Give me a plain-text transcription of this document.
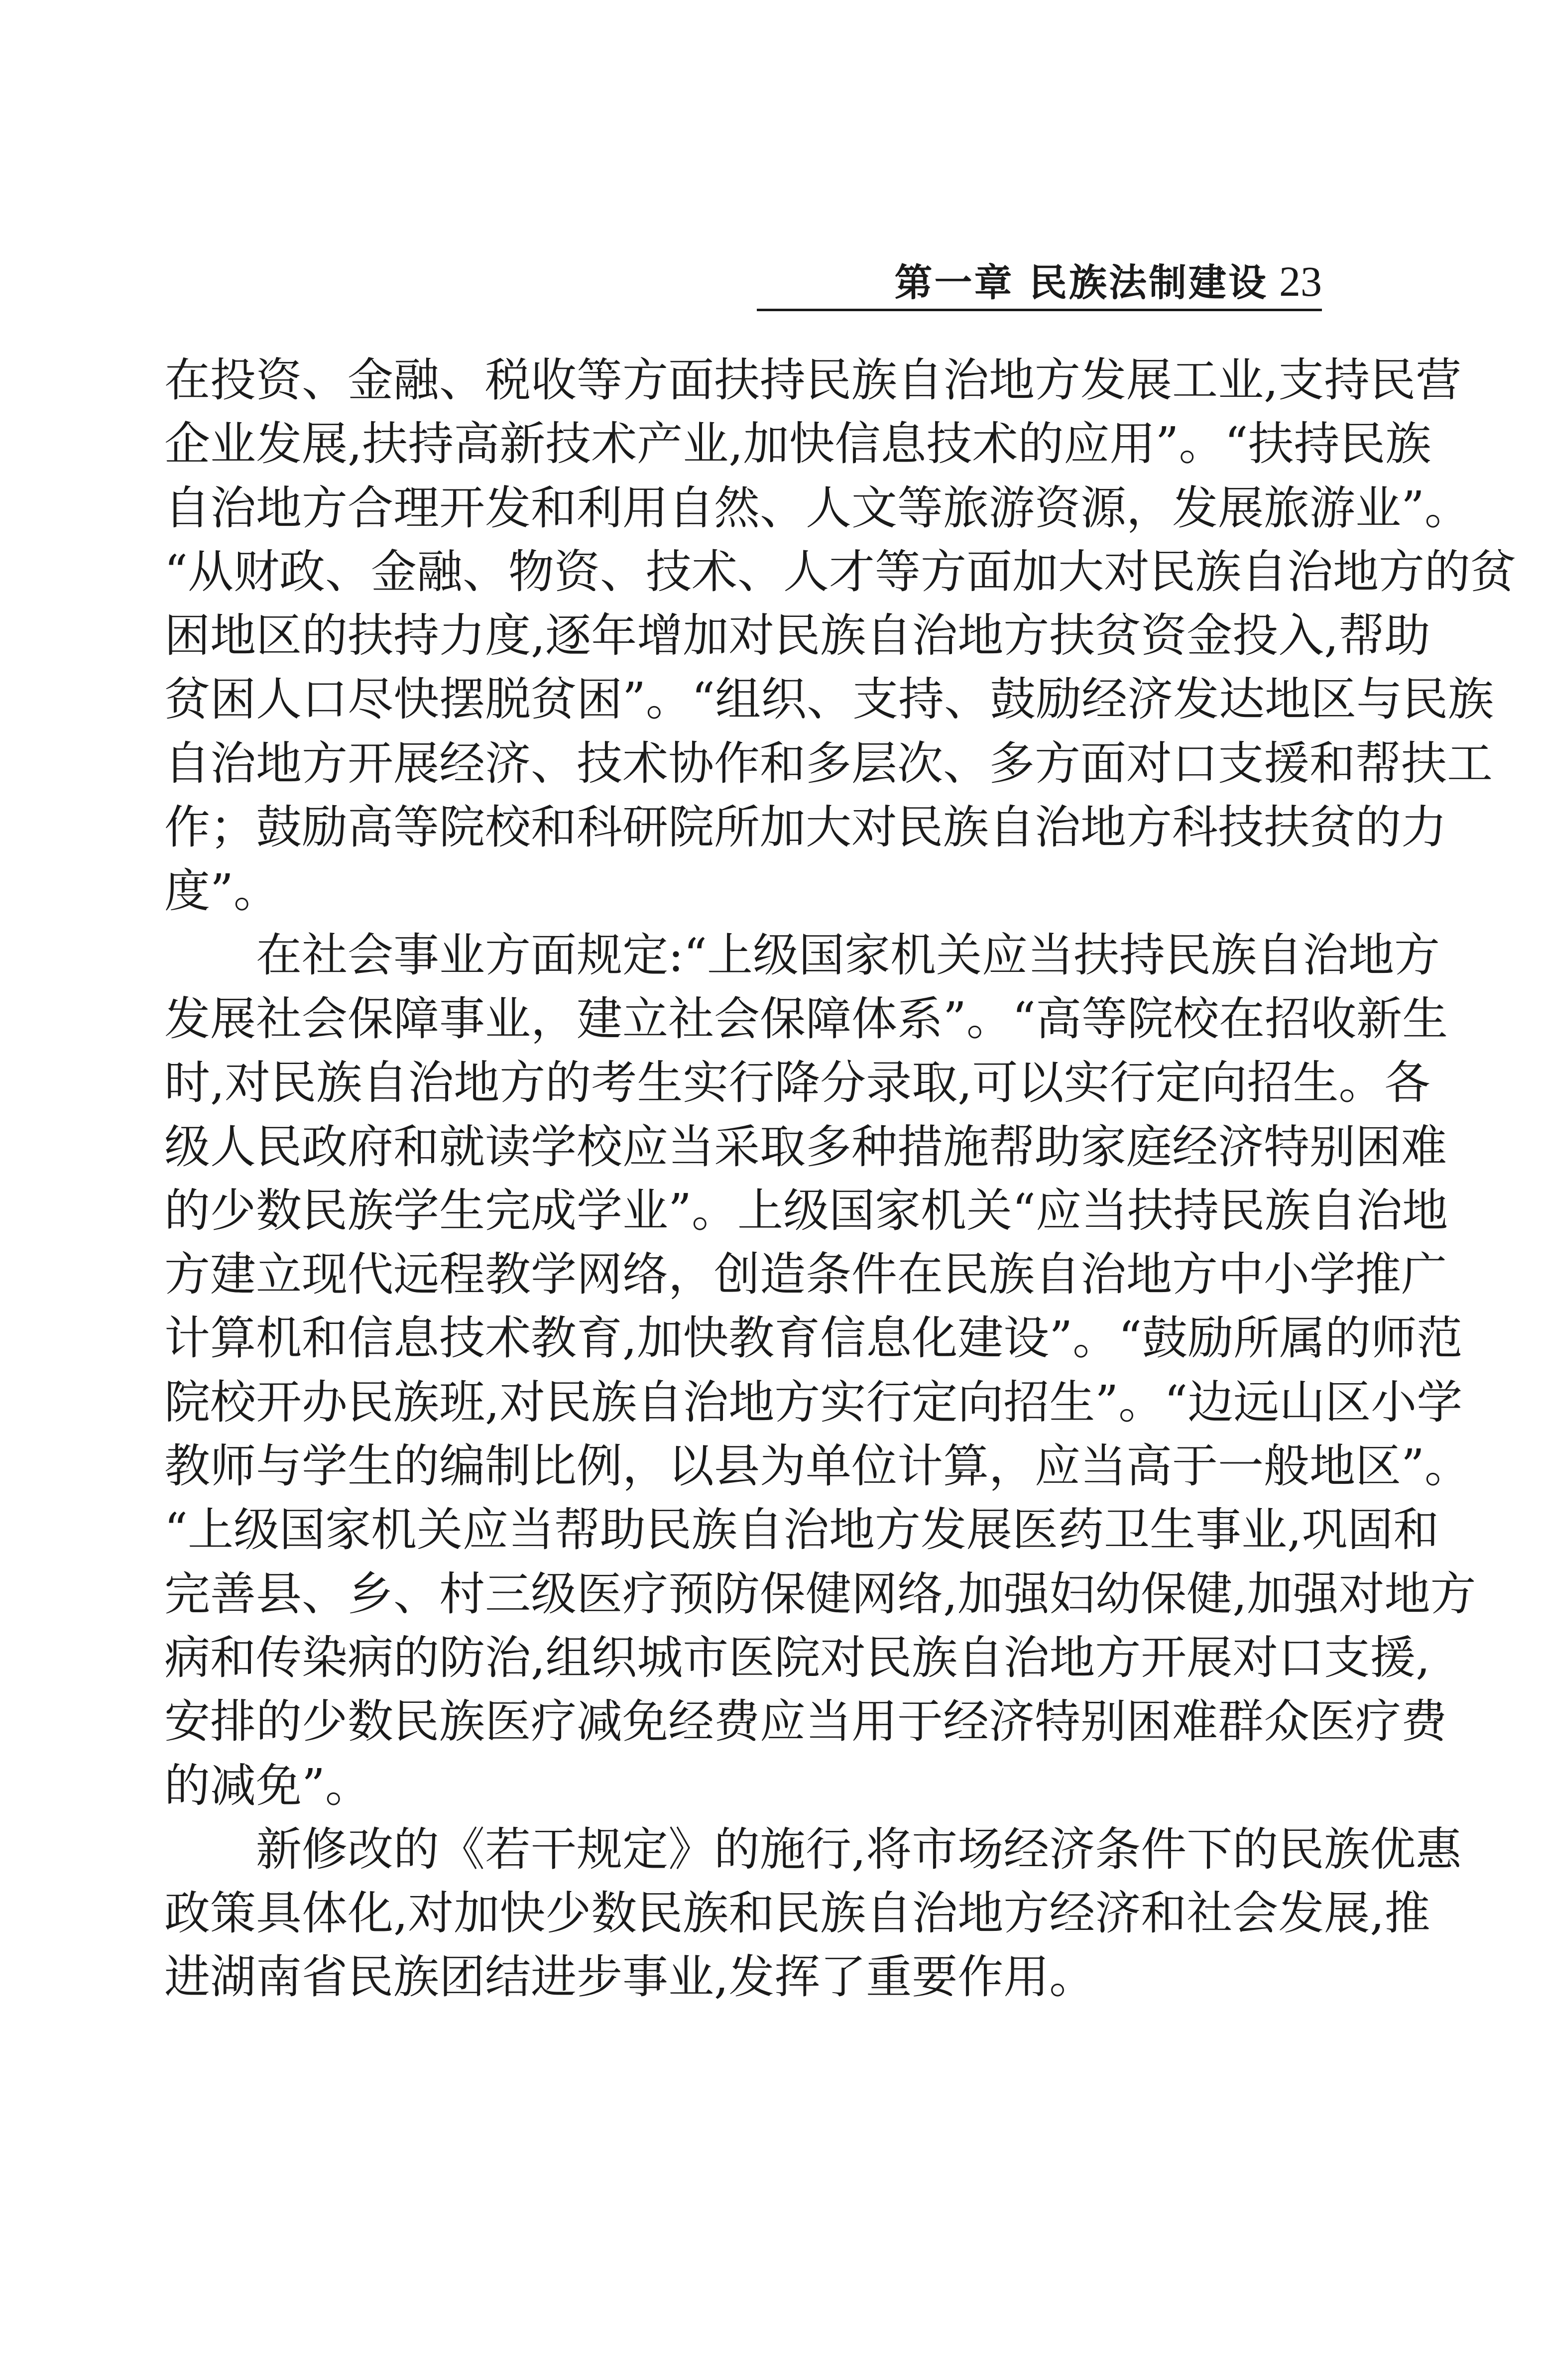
第一章 民族法制建设 23
在投资、金融、税收等方面扶持民族自治地方发展工业,支持民营
企业发展,扶持高新技术产业,加快信息技术的应用”。“扶持民族
自治地方合理开发和利用自然、人文等旅游资源，发展旅游业”。
“从财政、金融、物资、技术、人才等方面加大对民族自治地方的贫
困地区的扶持力度,逐年增加对民族自治地方扶贫资金投入,帮助
贫困人口尽快摆脱贫困”。“组织、支持、鼓励经济发达地区与民族
自治地方开展经济、技术协作和多层次、多方面对口支援和帮扶工
作；鼓励高等院校和科研院所加大对民族自治地方科技扶贫的力
度”。
在社会事业方面规定:“上级国家机关应当扶持民族自治地方
发展社会保障事业，建立社会保障体系”。“高等院校在招收新生
时,对民族自治地方的考生实行降分录取,可以实行定向招生。各
级人民政府和就读学校应当采取多种措施帮助家庭经济特别困难
的少数民族学生完成学业”。上级国家机关“应当扶持民族自治地
方建立现代远程教学网络，创造条件在民族自治地方中小学推广
计算机和信息技术教育,加快教育信息化建设”。“鼓励所属的师范
院校开办民族班,对民族自治地方实行定向招生”。“边远山区小学
教师与学生的编制比例，以县为单位计算，应当高于一般地区”。
“上级国家机关应当帮助民族自治地方发展医药卫生事业,巩固和
完善县、乡、村三级医疗预防保健网络,加强妇幼保健,加强对地方
病和传染病的防治,组织城市医院对民族自治地方开展对口支援,
安排的少数民族医疗减免经费应当用于经济特别困难群众医疗费
的减免”。
新修改的《若干规定》的施行,将市场经济条件下的民族优惠
政策具体化,对加快少数民族和民族自治地方经济和社会发展,推
进湖南省民族团结进步事业,发挥了重要作用。
